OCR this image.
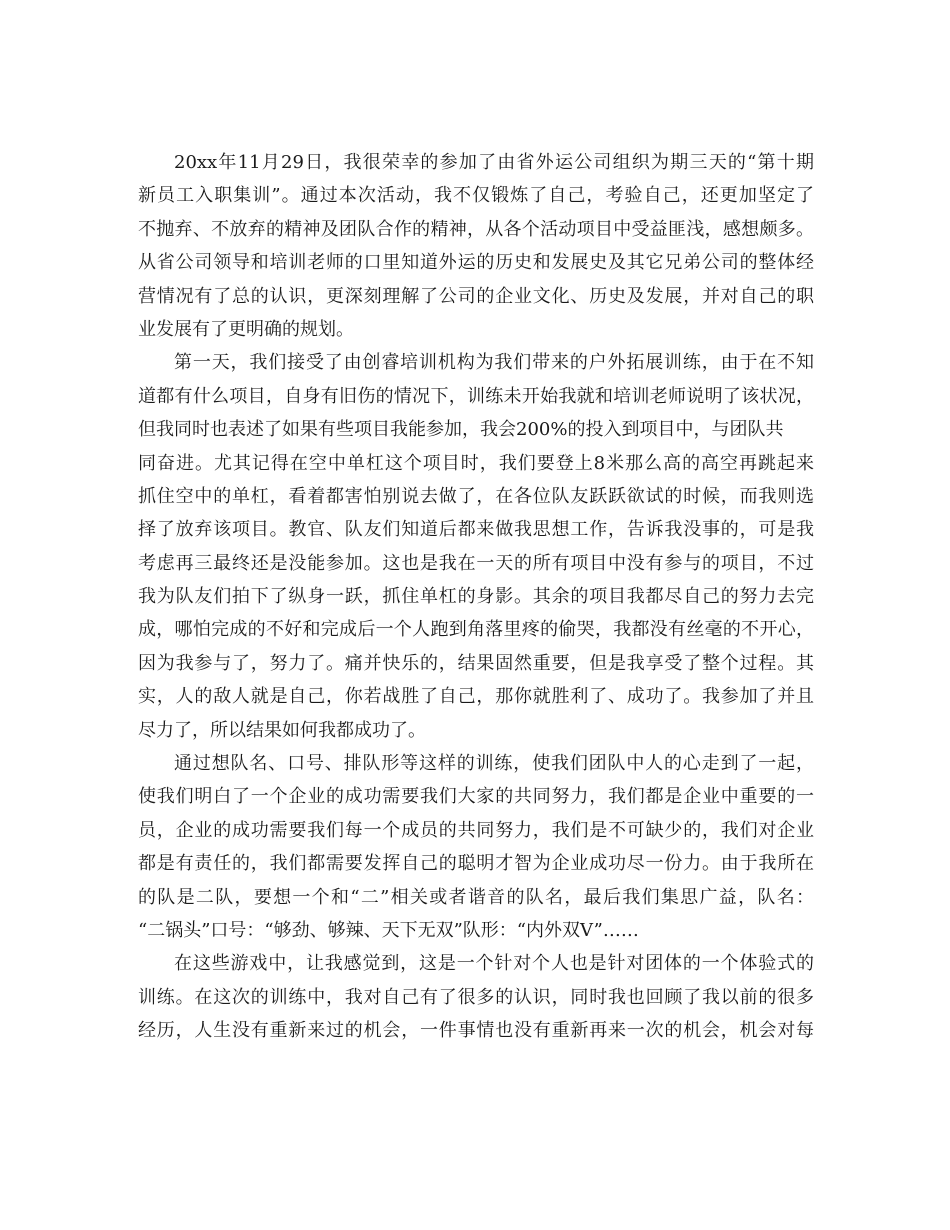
20xx年11月29日，我很荣幸的参加了由省外运公司组织为期三天的“第十期
新员工入职集训”。通过本次活动，我不仅锻炼了自己，考验自己，还更加坚定了
不抛弃、不放弃的精神及团队合作的精神，从各个活动项目中受益匪浅，感想颇多。
从省公司领导和培训老师的口里知道外运的历史和发展史及其它兄弟公司的整体经
营情况有了总的认识，更深刻理解了公司的企业文化、历史及发展，并对自己的职
业发展有了更明确的规划。
第一天，我们接受了由创睿培训机构为我们带来的户外拓展训练，由于在不知
道都有什么项目，自身有旧伤的情况下，训练未开始我就和培训老师说明了该状况，
但我同时也表述了如果有些项目我能参加，我会200%的投入到项目中，与团队共
同奋进。尤其记得在空中单杠这个项目时，我们要登上8米那么高的高空再跳起来
抓住空中的单杠，看着都害怕别说去做了，在各位队友跃跃欲试的时候，而我则选
择了放弃该项目。教官、队友们知道后都来做我思想工作，告诉我没事的，可是我
考虑再三最终还是没能参加。这也是我在一天的所有项目中没有参与的项目，不过
我为队友们拍下了纵身一跃，抓住单杠的身影。其余的项目我都尽自己的努力去完
成，哪怕完成的不好和完成后一个人跑到角落里疼的偷哭，我都没有丝毫的不开心，
因为我参与了，努力了。痛并快乐的，结果固然重要，但是我享受了整个过程。其
实，人的敌人就是自己，你若战胜了自己，那你就胜利了、成功了。我参加了并且
尽力了，所以结果如何我都成功了。
通过想队名、口号、排队形等这样的训练，使我们团队中人的心走到了一起，
使我们明白了一个企业的成功需要我们大家的共同努力，我们都是企业中重要的一
员，企业的成功需要我们每一个成员的共同努力，我们是不可缺少的，我们对企业
都是有责任的，我们都需要发挥自己的聪明才智为企业成功尽一份力。由于我所在
的队是二队，要想一个和“二”相关或者谐音的队名，最后我们集思广益，队名：
“二锅头”口号：“够劲、够辣、天下无双”队形：“内外双V”……
在这些游戏中，让我感觉到，这是一个针对个人也是针对团体的一个体验式的
训练。在这次的训练中，我对自己有了很多的认识，同时我也回顾了我以前的很多
经历，人生没有重新来过的机会，一件事情也没有重新再来一次的机会，机会对每
